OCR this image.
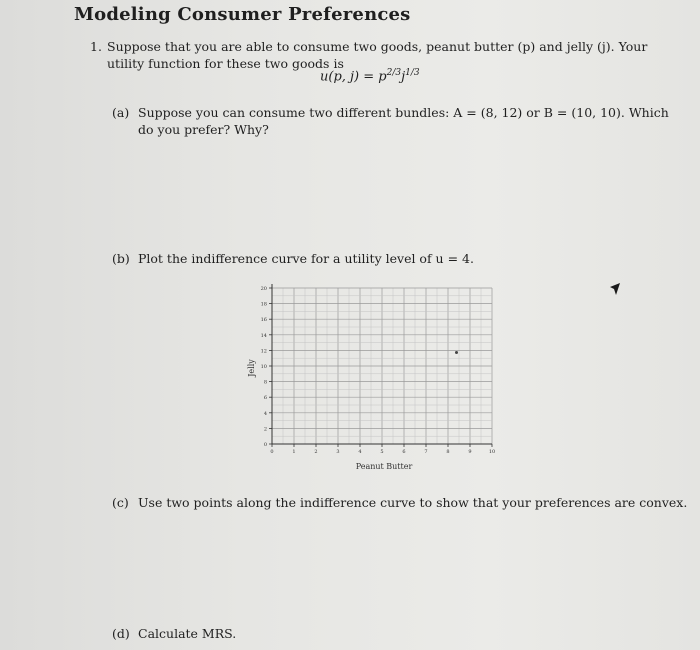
Modeling Consumer Preferences
1. Suppose that you are able to consume two goods, peanut butter (p) and jelly (j). Your utility function for these two goods is
u(p, $j) = p^{2/3}j^{1/3}$
(a) Suppose you can consume two different bundles: A = (8, 12) or B = (10, 10). Which do you prefer? Why?
(b) Plot the indifference curve for a utility level of u = 4.
0
2
4
6
8
10
12
14
16
18
20
0	1	2	3	4	5	6	7	8	9	10
Jelly
Peanut Butter
(c) Use two points along the indifference curve to show that your preferences are convex.
(d) Calculate MRS.
